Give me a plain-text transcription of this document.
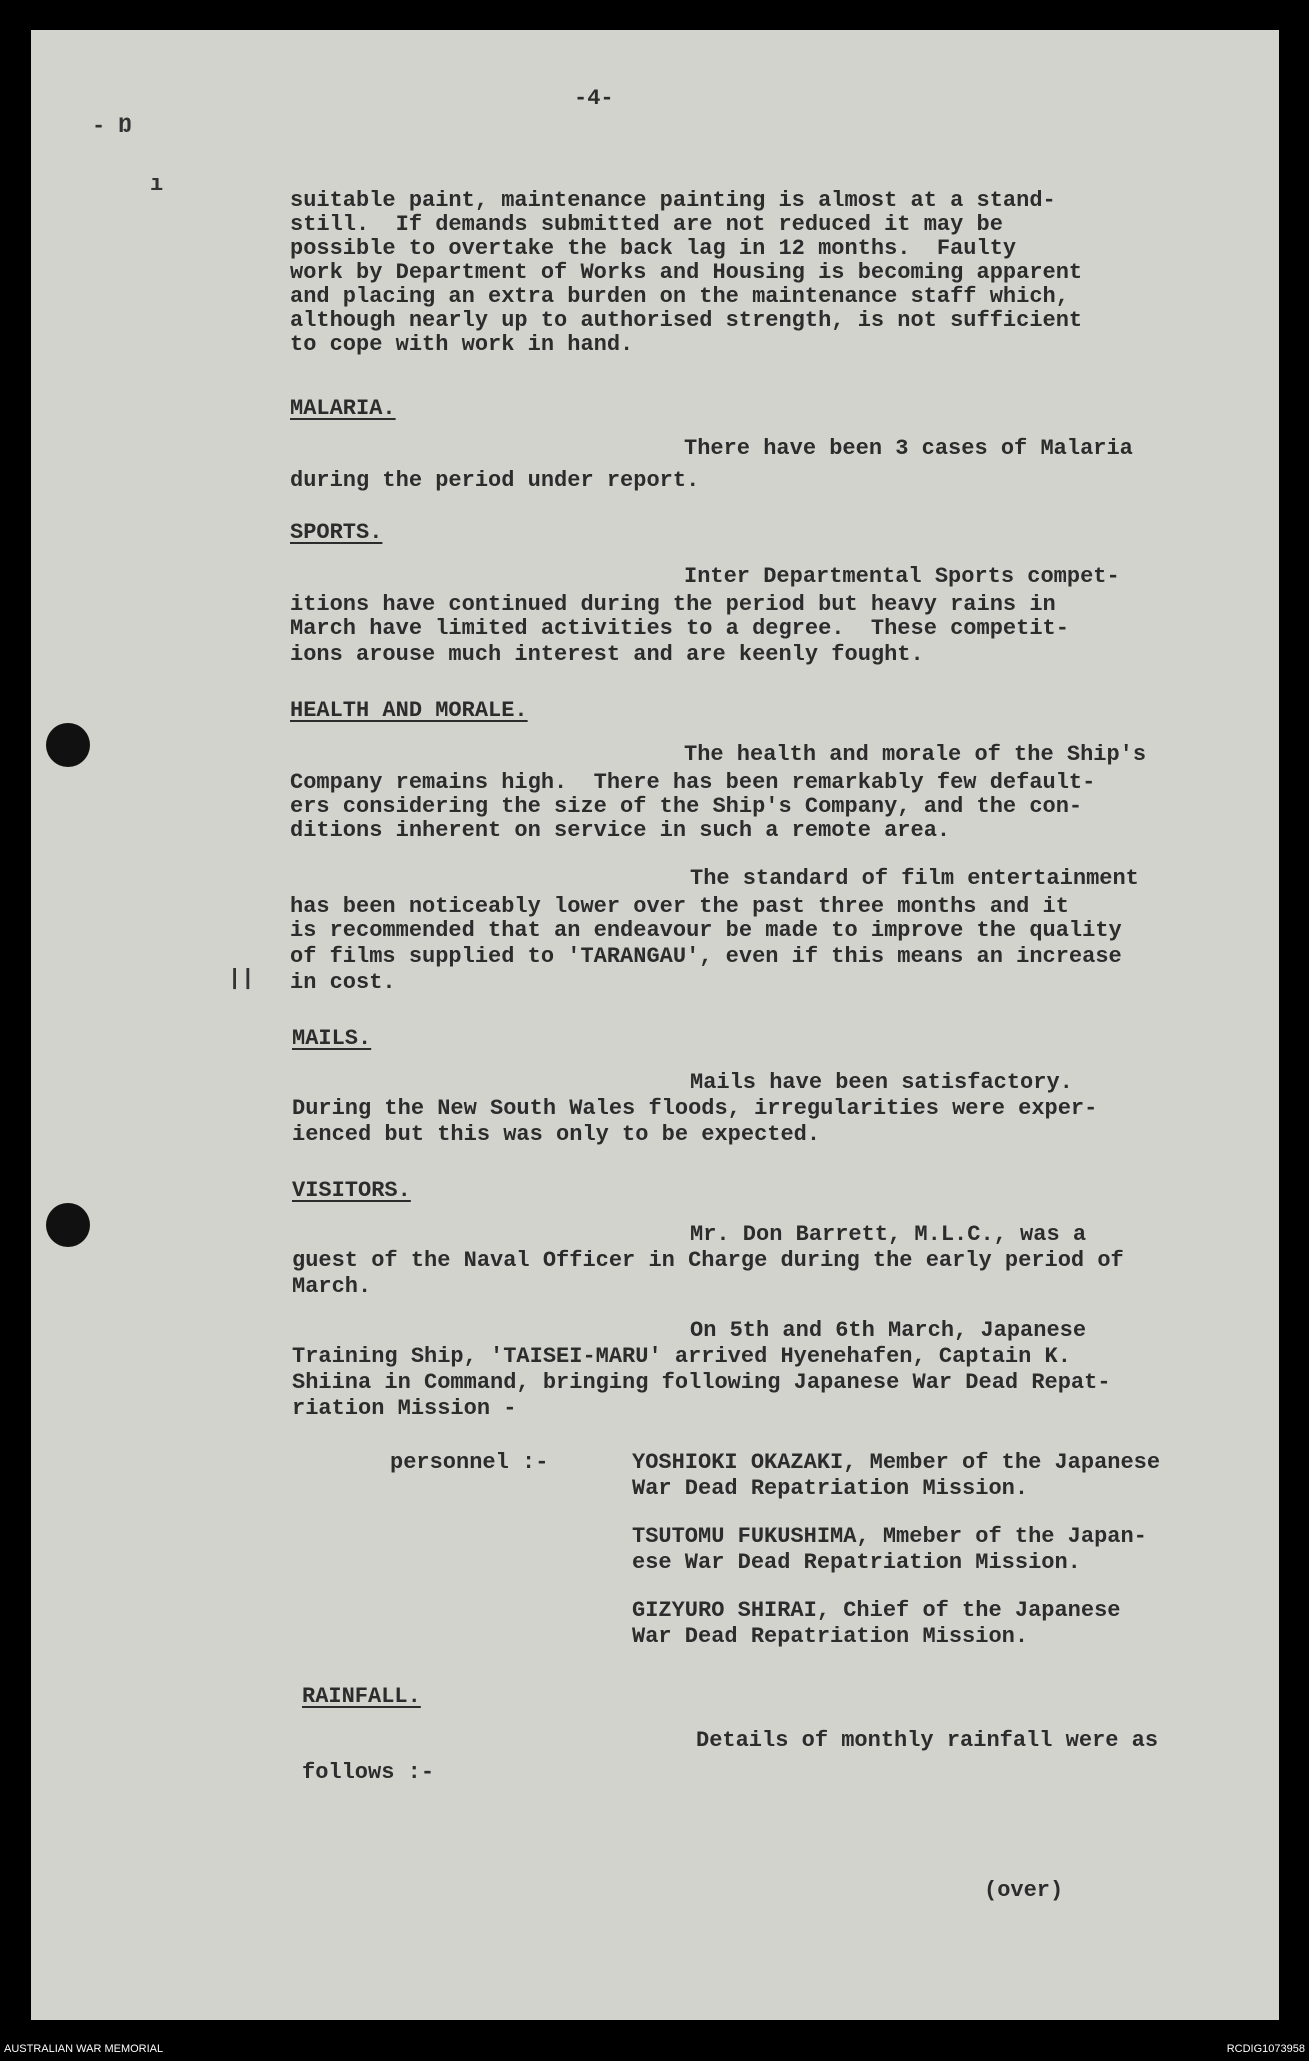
- Ŋ
ı
||
-4-
suitable paint, maintenance painting is almost at a stand-
still.  If demands submitted are not reduced it may be
possible to overtake the back lag in 12 months.  Faulty
work by Department of Works and Housing is becoming apparent
and placing an extra burden on the maintenance staff which,
although nearly up to authorised strength, is not sufficient
to cope with work in hand.
MALARIA.
There have been 3 cases of Malaria
during the period under report.
SPORTS.
Inter Departmental Sports compet-
itions have continued during the period but heavy rains in
March have limited activities to a degree.  These competit-
ions arouse much interest and are keenly fought.
HEALTH AND MORALE.
The health and morale of the Ship's
Company remains high.  There has been remarkably few default-
ers considering the size of the Ship's Company, and the con-
ditions inherent on service in such a remote area.
The standard of film entertainment
has been noticeably lower over the past three months and it
is recommended that an endeavour be made to improve the quality
of films supplied to 'TARANGAU', even if this means an increase
in cost.
MAILS.
Mails have been satisfactory.
During the New South Wales floods, irregularities were exper-
ienced but this was only to be expected.
VISITORS.
Mr. Don Barrett, M.L.C., was a
guest of the Naval Officer in Charge during the early period of
March.
On 5th and 6th March, Japanese
Training Ship, 'TAISEI-MARU' arrived Hyenehafen, Captain K.
Shiina in Command, bringing following Japanese War Dead Repat-
riation Mission -
personnel :-	YOSHIOKI OKAZAKI, Member of the Japanese
War Dead Repatriation Mission.
TSUTOMU FUKUSHIMA, Mmeber of the Japan-
ese War Dead Repatriation Mission.
GIZYURO SHIRAI, Chief of the Japanese
War Dead Repatriation Mission.
RAINFALL.
Details of monthly rainfall were as
follows :-
(over)
AUSTRALIAN WAR MEMORIAL	RCDIG1073958
